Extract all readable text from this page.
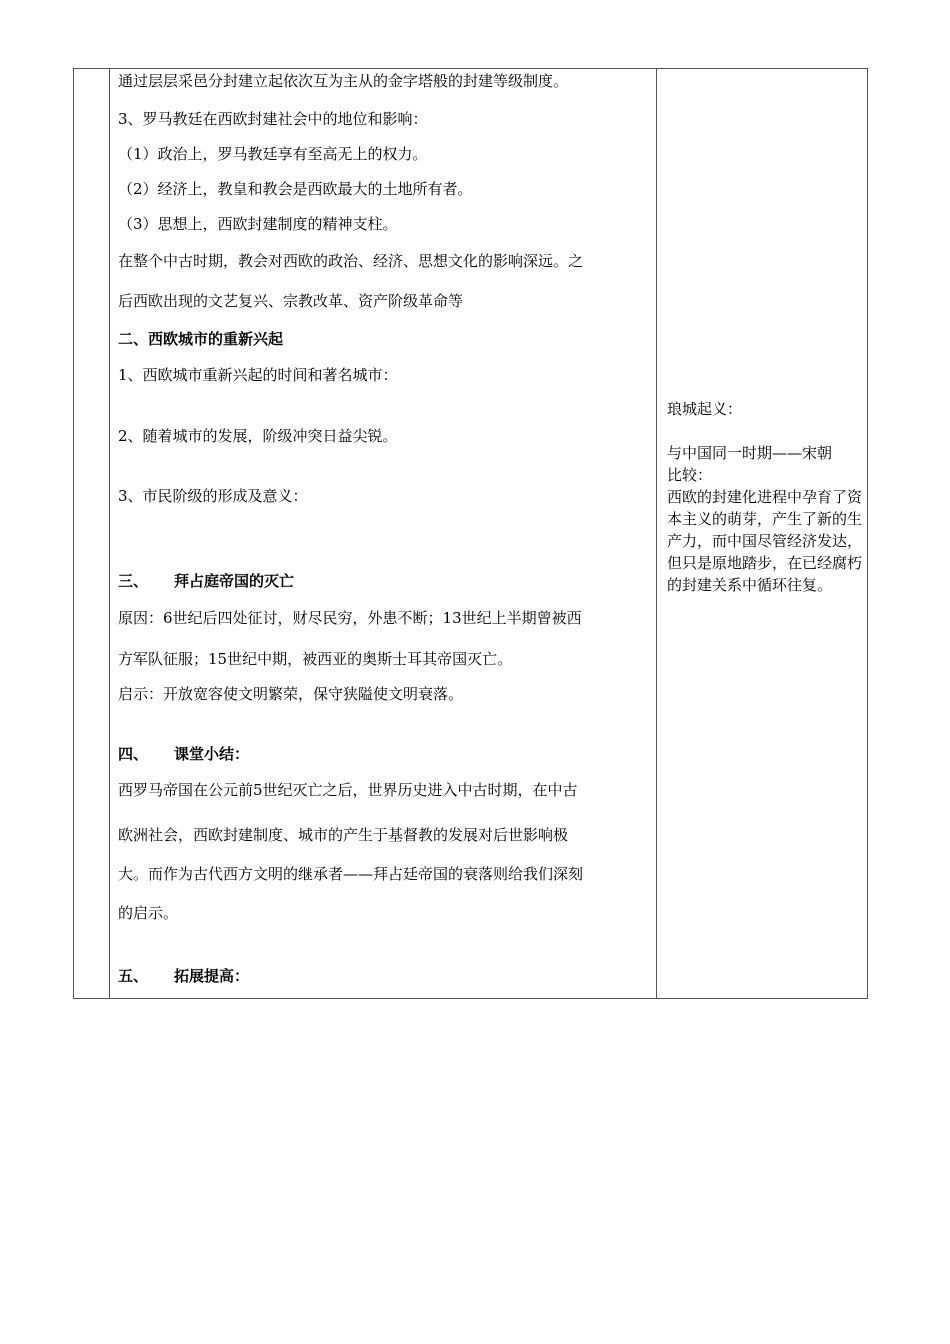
通过层层采邑分封建立起依次互为主从的金字塔般的封建等级制度。
3、罗马教廷在西欧封建社会中的地位和影响：
（1）政治上，罗马教廷享有至高无上的权力。
（2）经济上，教皇和教会是西欧最大的土地所有者。
（3）思想上，西欧封建制度的精神支柱。
在整个中古时期，教会对西欧的政治、经济、思想文化的影响深远。之
后西欧出现的文艺复兴、宗教改革、资产阶级革命等
二、西欧城市的重新兴起
1、西欧城市重新兴起的时间和著名城市：
2、随着城市的发展，阶级冲突日益尖锐。
3、市民阶级的形成及意义：
三、 拜占庭帝国的灭亡
原因：6世纪后四处征讨，财尽民穷，外患不断；13世纪上半期曾被西
方军队征服；15世纪中期，被西亚的奥斯士耳其帝国灭亡。
启示：开放宽容使文明繁荣，保守狭隘使文明衰落。
四、 课堂小结：
西罗马帝国在公元前5世纪灭亡之后，世界历史进入中古时期，在中古
欧洲社会，西欧封建制度、城市的产生于基督教的发展对后世影响极
大。而作为古代西方文明的继承者——拜占廷帝国的衰落则给我们深刻
的启示。
五、 拓展提高：
琅城起义：
与中国同一时期——宋朝
比较：
西欧的封建化进程中孕育了资本主义的萌芽，产生了新的生产力，而中国尽管经济发达，但只是原地踏步，在已经腐朽的封建关系中循环往复。
